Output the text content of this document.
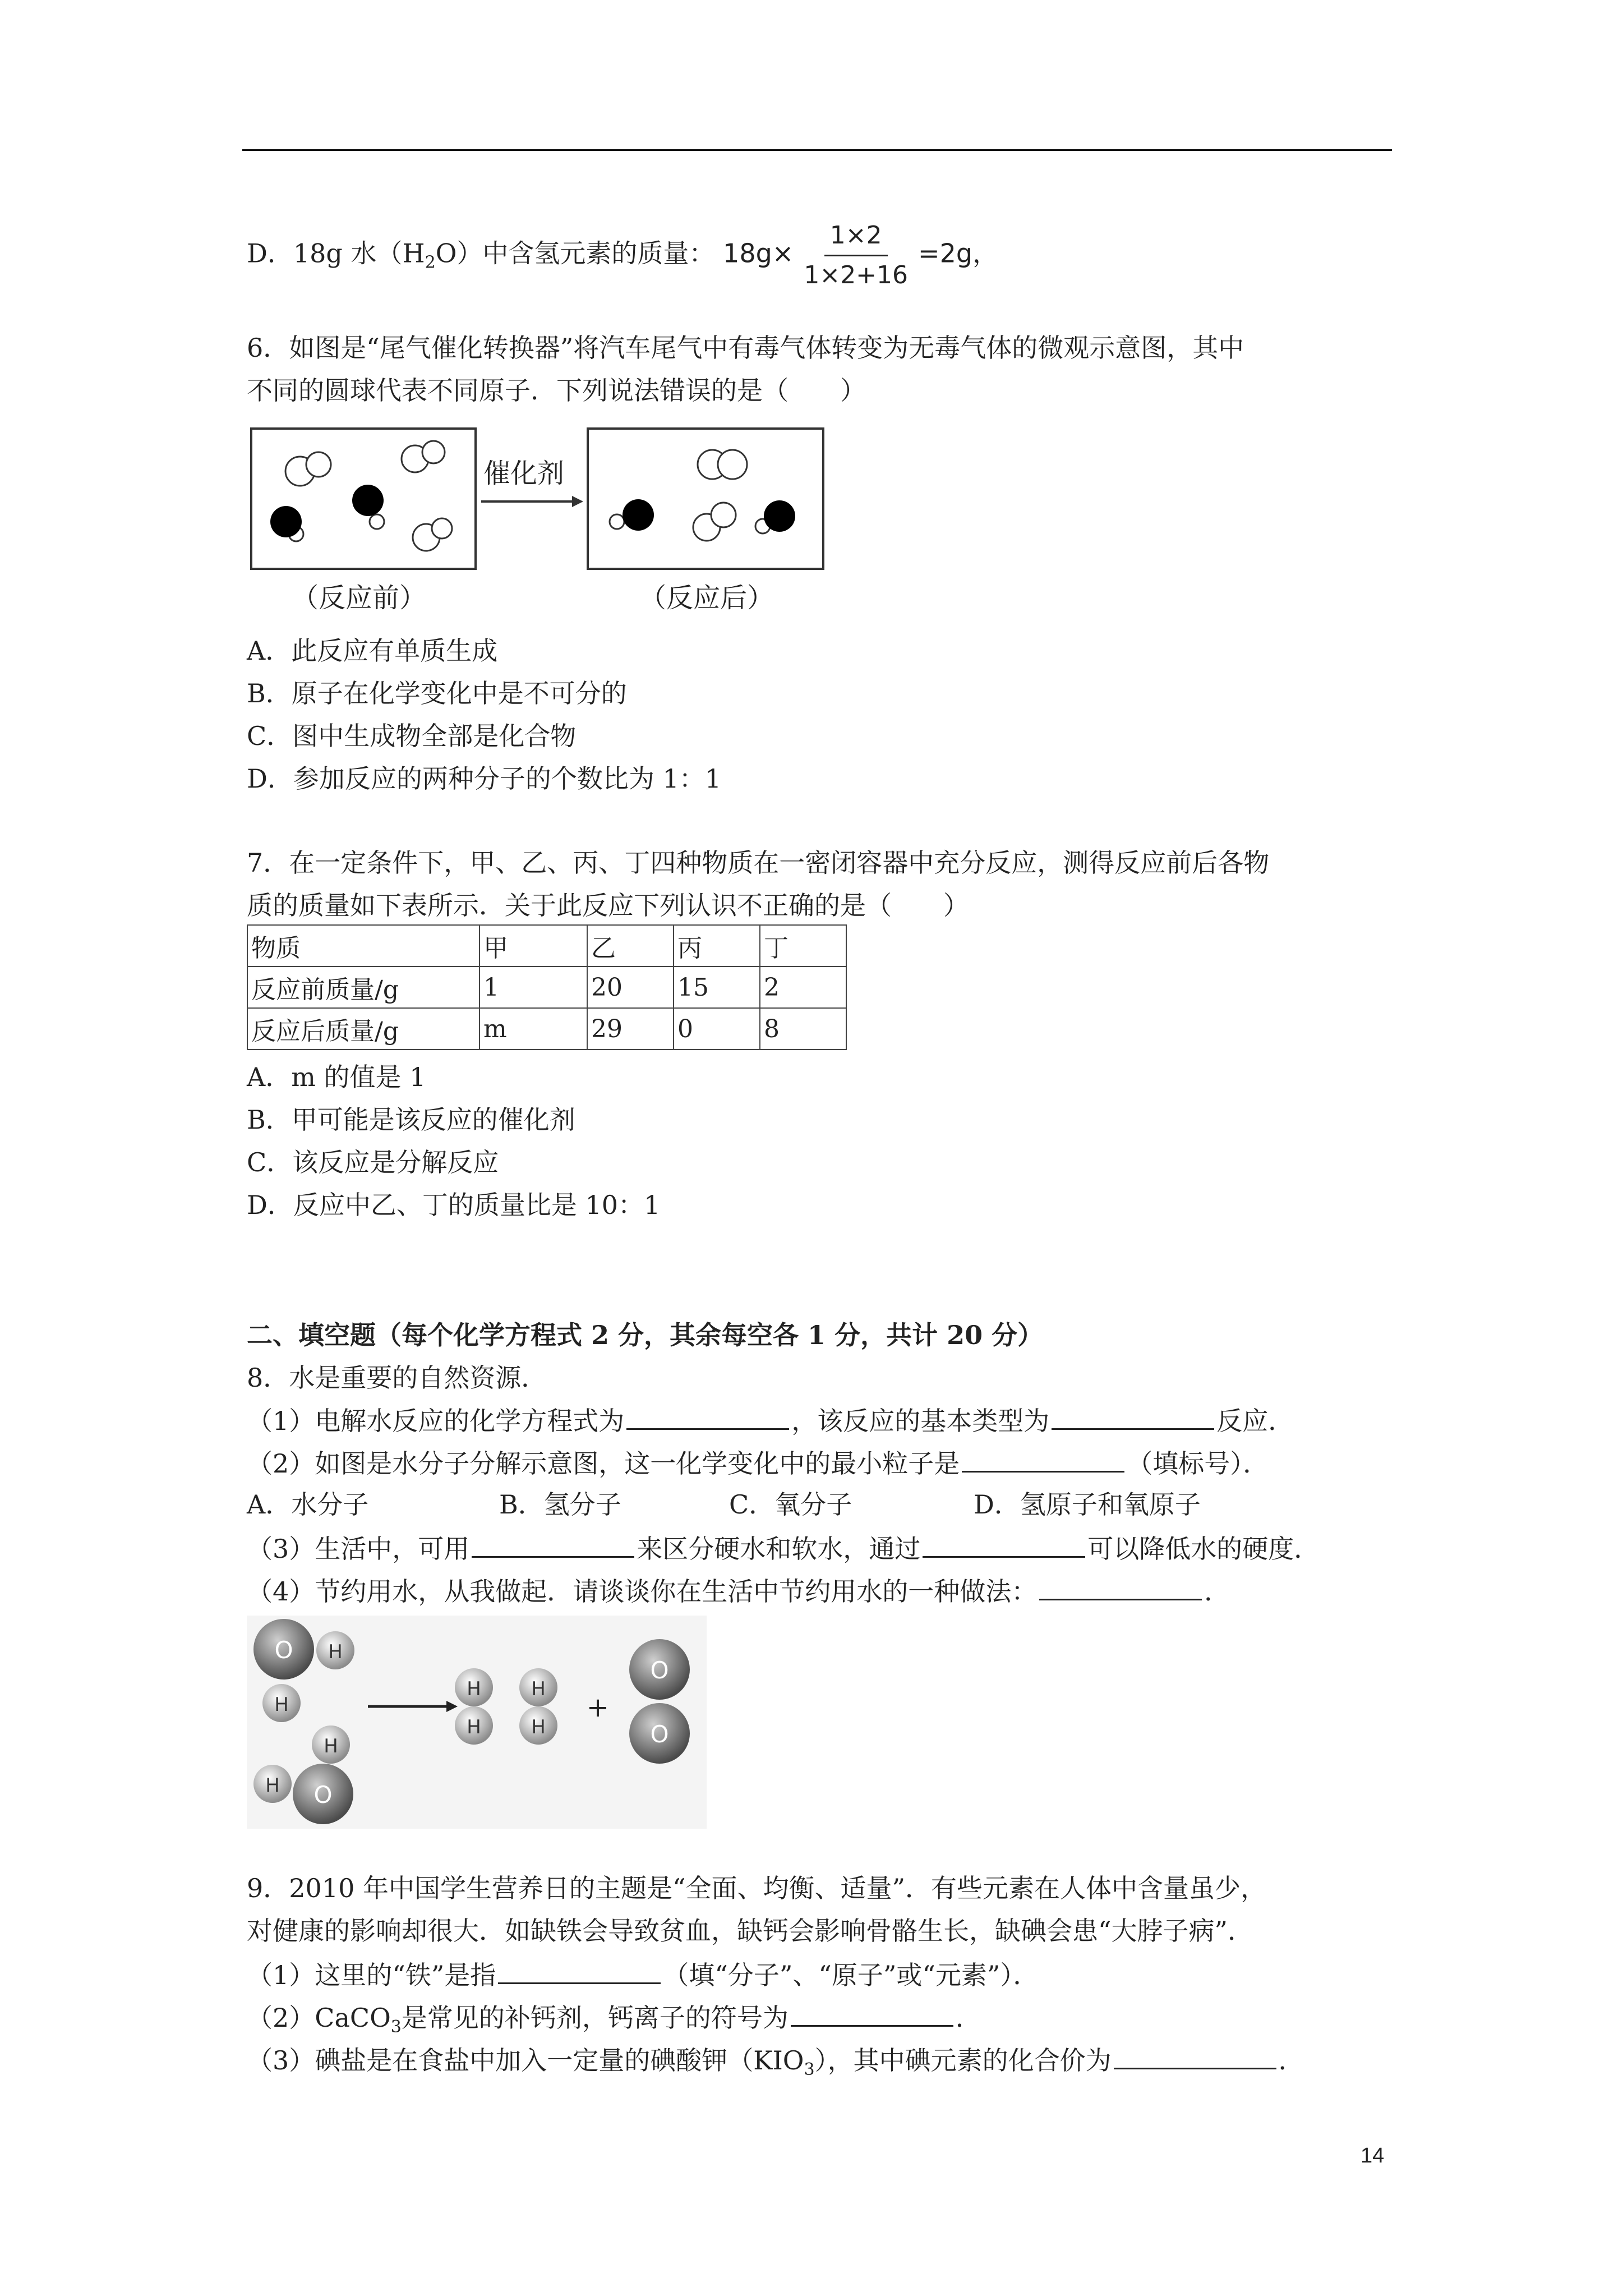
D．18g 水$(H_2O)$中含氢元素的质量： $18g\times \frac{1\times 2}{1\times 2+16} =2g$，
6．如图是“尾气催化转换器”将汽车尾气中有毒气体转变为无毒气体的微观示意图，其中
不同的圆球代表不同原子．下列说法错误的是（　　）
催化剂
（反应前）	（反应后）
A．此反应有单质生成
B．原子在化学变化中是不可分的
C．图中生成物全部是化合物
D．参加反应的两种分子的个数比为 1：1
7．在一定条件下，甲、乙、丙、丁四种物质在一密闭容器中充分反应，测得反应前后各物
质的质量如下表所示．关于此反应下列认识不正确的是（　　）
物质	甲	乙	丙	丁
反应前质量/g	1	20	15	2
反应后质量/g	m	29	0	8
A．m 的值是 1
B．甲可能是该反应的催化剂
C．该反应是分解反应
D．反应中乙、丁的质量比是 10：1
二、填空题（每个化学方程式 2 分，其余每空各 1 分，共计 20 分）
8．水是重要的自然资源．
（1）电解水反应的化学方程式为	，该反应的基本类型为	反应．
（2）如图是水分子分解示意图，这一化学变化中的最小粒子是	（填标号）．
A．水分子	B．氢分子	C．氧分子	D．氢原子和氧原子
（3）生活中，可用	来区分硬水和软水，通过	可以降低水的硬度．
（4）节约用水，从我做起．请谈谈你在生活中节约用水的一种做法：	．
O H
H
H
H O
H
H
H
H
+
O
O
9．2010 年中国学生营养日的主题是“全面、均衡、适量”．有些元素在人体中含量虽少，
对健康的影响却很大．如缺铁会导致贫血，缺钙会影响骨骼生长，缺碘会患“大脖子病”．
（1）这里的“铁”是指	（填“分子”、“原子”或“元素”）．
（2）CaCO$_3$是常见的补钙剂，钙离子的符号为	．
（3）碘盐是在食盐中加入一定量的碘酸钾$(KIO_3)$，其中碘元素的化合价为	．
14
